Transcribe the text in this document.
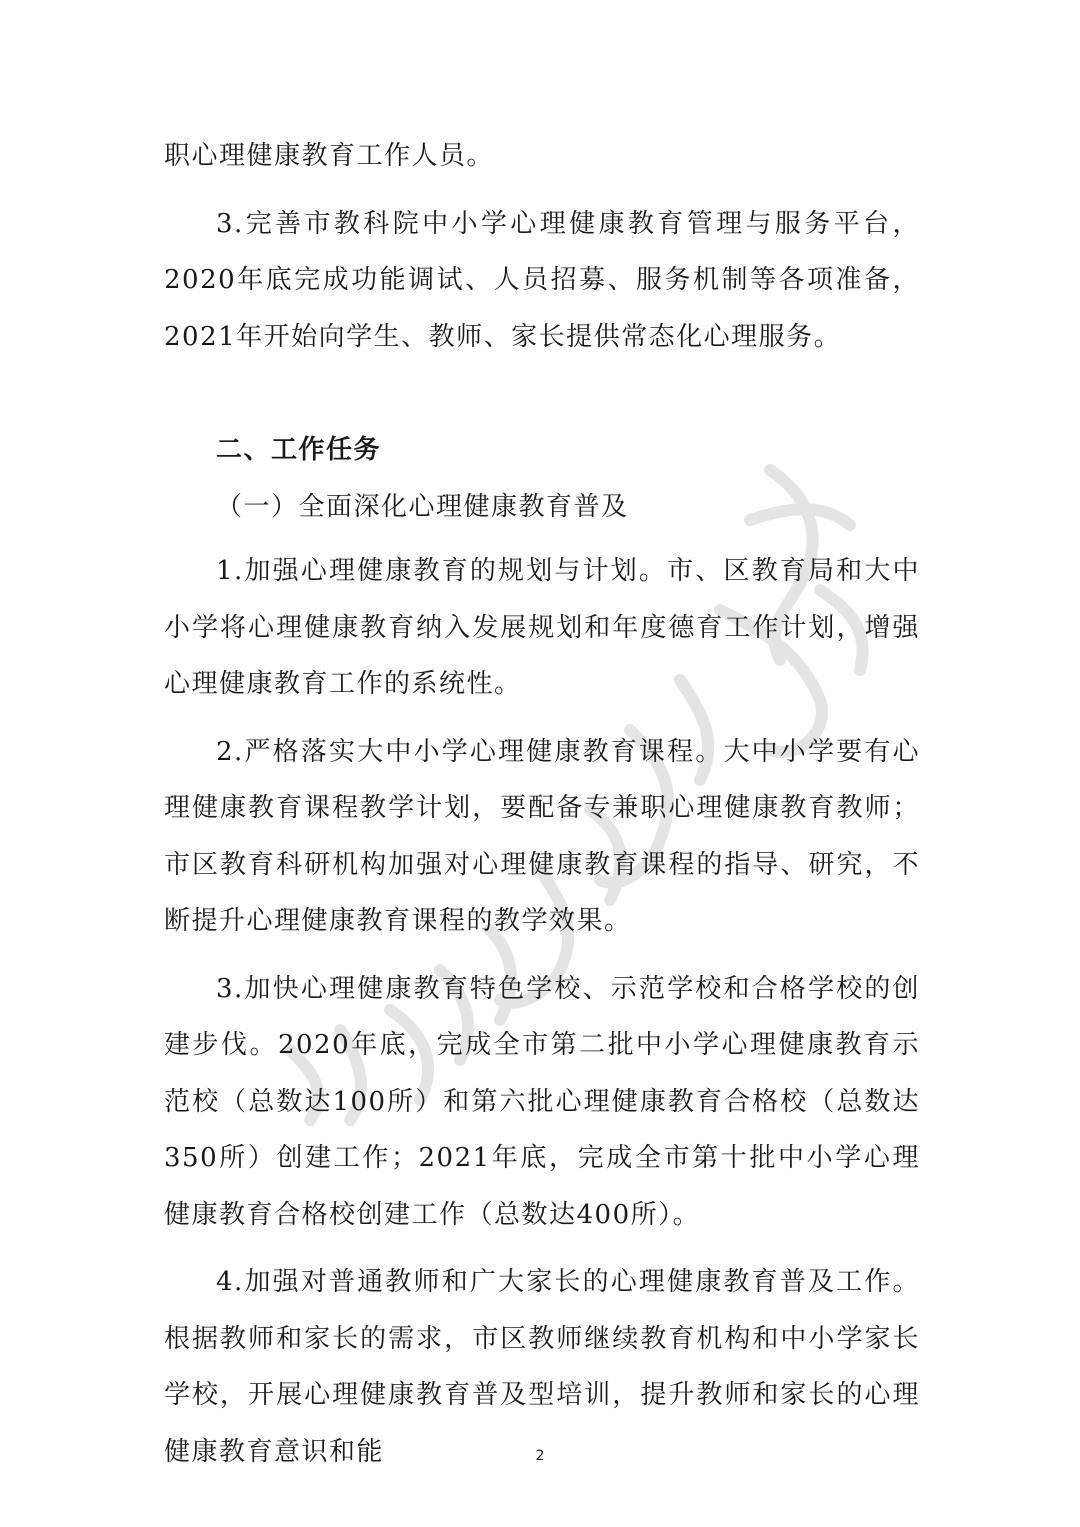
职心理健康教育工作人员。

3.完善市教科院中小学心理健康教育管理与服务平台，2020年底完成功能调试、人员招募、服务机制等各项准备，2021年开始向学生、教师、家长提供常态化心理服务。

二、工作任务

（一）全面深化心理健康教育普及

1.加强心理健康教育的规划与计划。市、区教育局和大中小学将心理健康教育纳入发展规划和年度德育工作计划，增强心理健康教育工作的系统性。

2.严格落实大中小学心理健康教育课程。大中小学要有心理健康教育课程教学计划，要配备专兼职心理健康教育教师；市区教育科研机构加强对心理健康教育课程的指导、研究，不断提升心理健康教育课程的教学效果。

3.加快心理健康教育特色学校、示范学校和合格学校的创建步伐。2020年底，完成全市第二批中小学心理健康教育示范校（总数达100所）和第六批心理健康教育合格校（总数达350所）创建工作；2021年底，完成全市第十批中小学心理健康教育合格校创建工作（总数达400所）。

4.加强对普通教师和广大家长的心理健康教育普及工作。根据教师和家长的需求，市区教师继续教育机构和中小学家长学校，开展心理健康教育普及型培训，提升教师和家长的心理健康教育意识和能	2
